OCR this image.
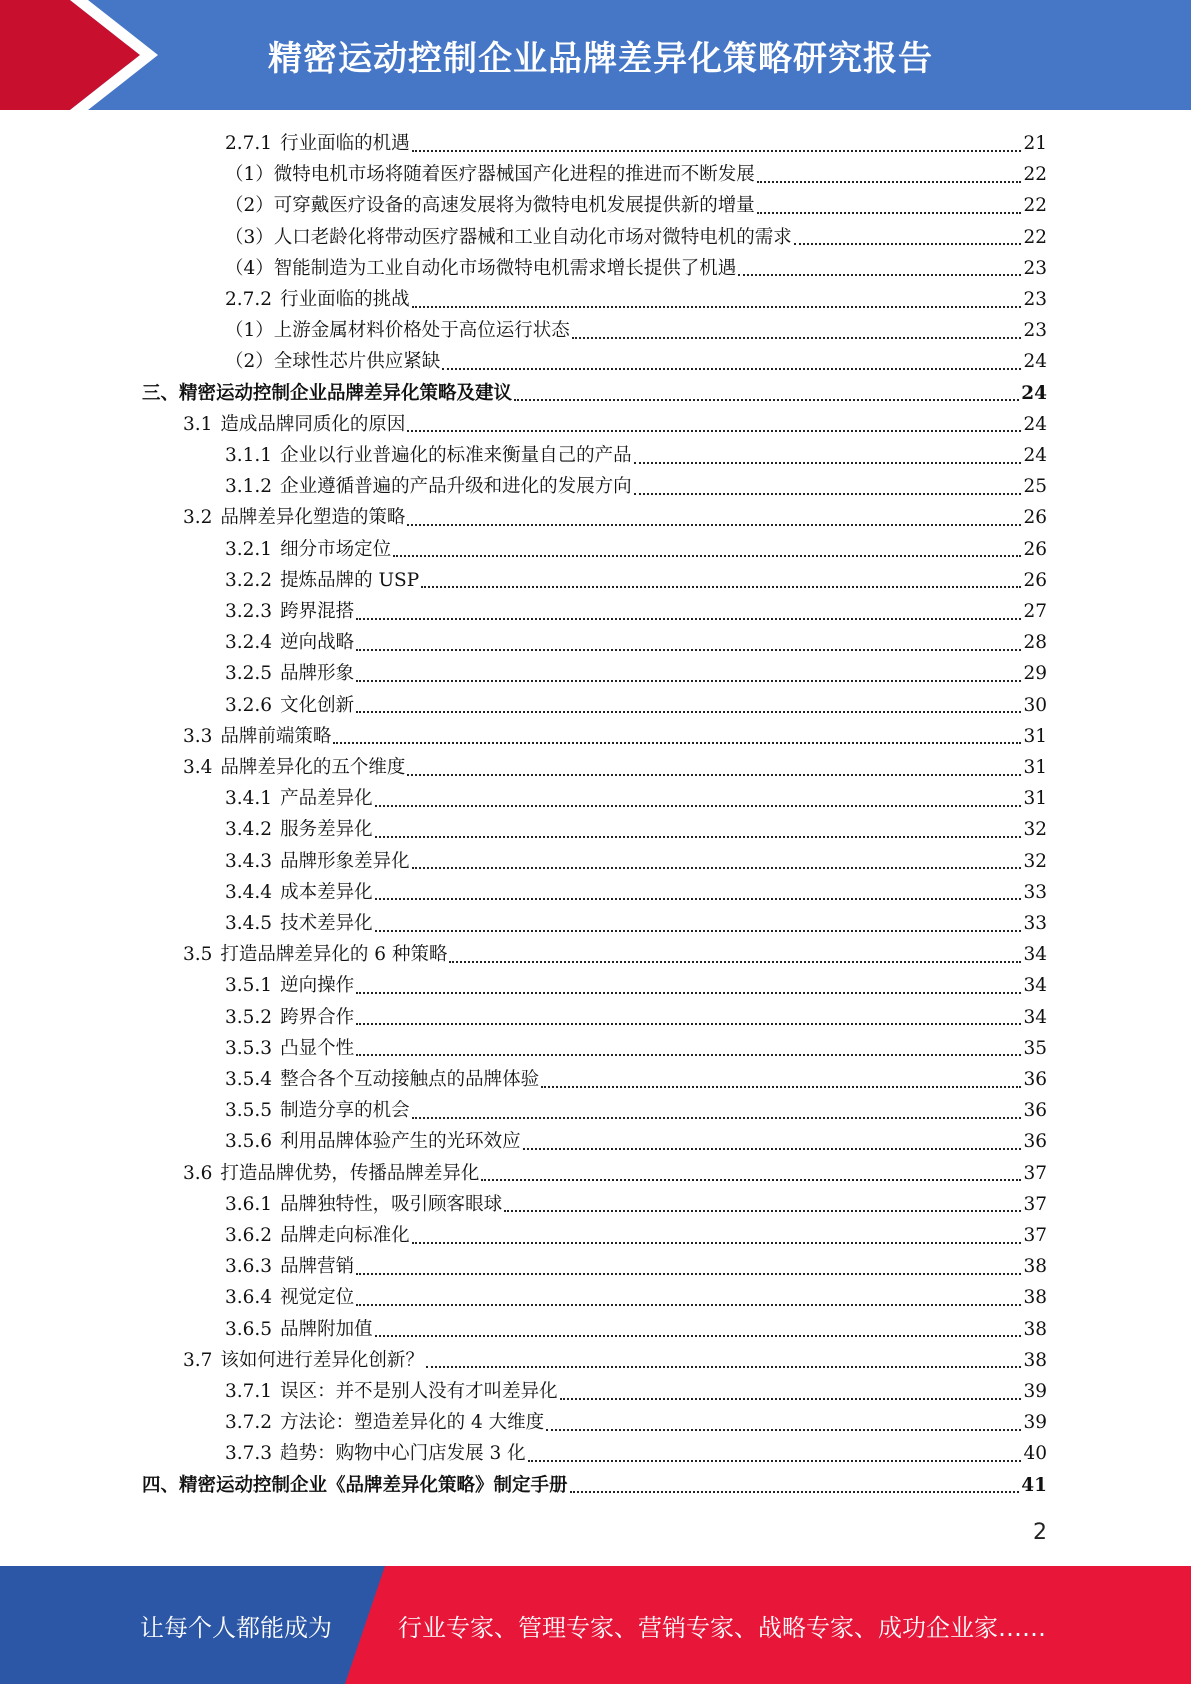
精密运动控制企业品牌差异化策略研究报告
2.7.1 行业面临的机遇	21
（1）微特电机市场将随着医疗器械国产化进程的推进而不断发展	22
（2）可穿戴医疗设备的高速发展将为微特电机发展提供新的增量	22
（3）人口老龄化将带动医疗器械和工业自动化市场对微特电机的需求	22
（4）智能制造为工业自动化市场微特电机需求增长提供了机遇	23
2.7.2 行业面临的挑战	23
（1）上游金属材料价格处于高位运行状态	23
（2）全球性芯片供应紧缺	24
三、精密运动控制企业品牌差异化策略及建议	24
3.1 造成品牌同质化的原因	24
3.1.1 企业以行业普遍化的标准来衡量自己的产品	24
3.1.2 企业遵循普遍的产品升级和进化的发展方向	25
3.2 品牌差异化塑造的策略	26
3.2.1 细分市场定位	26
3.2.2 提炼品牌的 USP	26
3.2.3 跨界混搭	27
3.2.4 逆向战略	28
3.2.5 品牌形象	29
3.2.6 文化创新	30
3.3 品牌前端策略	31
3.4 品牌差异化的五个维度	31
3.4.1 产品差异化	31
3.4.2 服务差异化	32
3.4.3 品牌形象差异化	32
3.4.4 成本差异化	33
3.4.5 技术差异化	33
3.5 打造品牌差异化的 6 种策略	34
3.5.1 逆向操作	34
3.5.2 跨界合作	34
3.5.3 凸显个性	35
3.5.4 整合各个互动接触点的品牌体验	36
3.5.5 制造分享的机会	36
3.5.6 利用品牌体验产生的光环效应	36
3.6 打造品牌优势，传播品牌差异化	37
3.6.1 品牌独特性，吸引顾客眼球	37
3.6.2 品牌走向标准化	37
3.6.3 品牌营销	38
3.6.4 视觉定位	38
3.6.5 品牌附加值	38
3.7 该如何进行差异化创新？	38
3.7.1 误区：并不是别人没有才叫差异化	39
3.7.2 方法论：塑造差异化的 4 大维度	39
3.7.3 趋势：购物中心门店发展 3 化	40
四、精密运动控制企业《品牌差异化策略》制定手册	41
2
让每个人都能成为	行业专家、管理专家、营销专家、战略专家、成功企业家……
